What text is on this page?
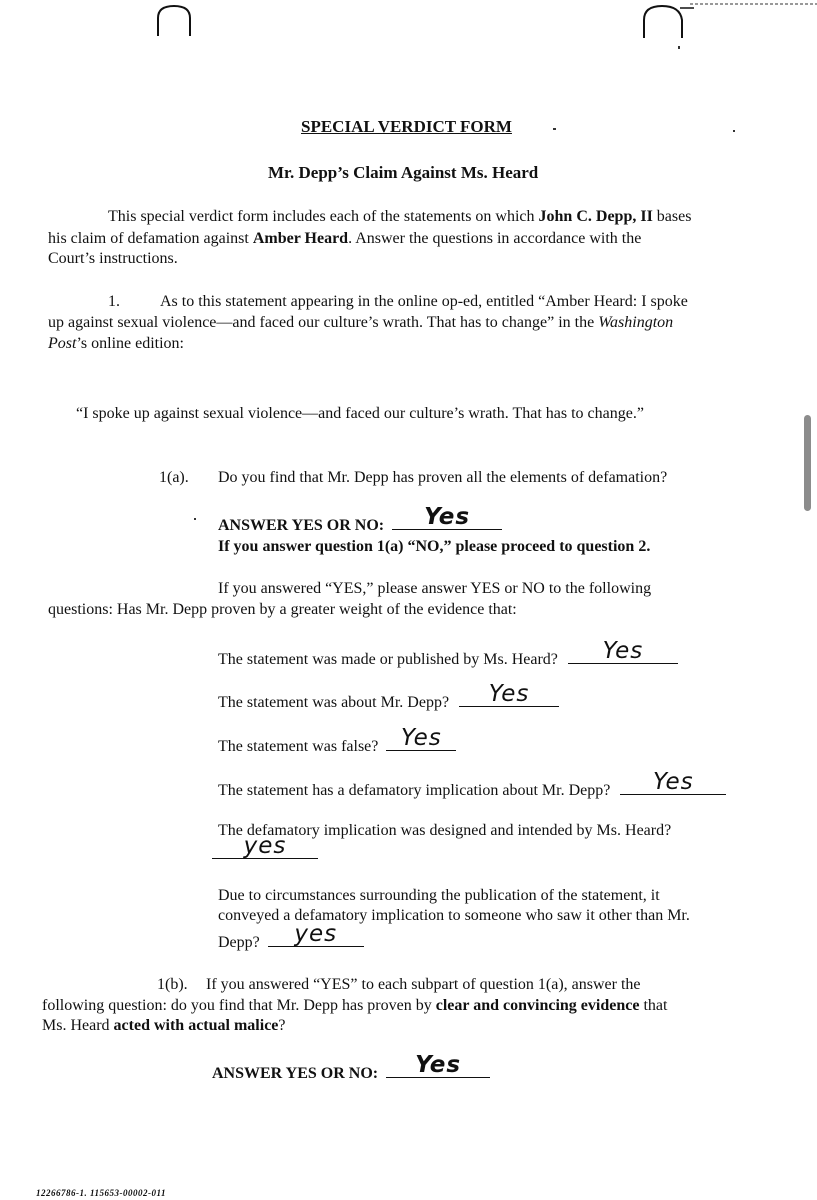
SPECIAL VERDICT FORM
Mr. Depp’s Claim Against Ms. Heard
This special verdict form includes each of the statements on which John C. Depp, II bases
his claim of defamation against Amber Heard. Answer the questions in accordance with the
Court’s instructions.
1.	As to this statement appearing in the online op-ed, entitled “Amber Heard: I spoke
up against sexual violence—and faced our culture’s wrath. That has to change” in the Washington
Post’s online edition:
“I spoke up against sexual violence—and faced our culture’s wrath. That has to change.”
1(a). Do you find that Mr. Depp has proven all the elements of defamation?
ANSWER YES OR NO:	Yes
If you answer question 1(a) “NO,” please proceed to question 2.
If you answered “YES,” please answer YES or NO to the following
questions: Has Mr. Depp proven by a greater weight of the evidence that:
The statement was made or published by Ms. Heard?	Yes
The statement was about Mr. Depp?	Yes
The statement was false? Yes
The statement has a defamatory implication about Mr. Depp?	Yes
The defamatory implication was designed and intended by Ms. Heard?
yes
Due to circumstances surrounding the publication of the statement, it
conveyed a defamatory implication to someone who saw it other than Mr.
Depp?	yes
1(b). If you answered “YES” to each subpart of question 1(a), answer the
following question: do you find that Mr. Depp has proven by clear and convincing evidence that
Ms. Heard acted with actual malice?
ANSWER YES OR NO:	Yes
12266786-1. 115653-00002-011
